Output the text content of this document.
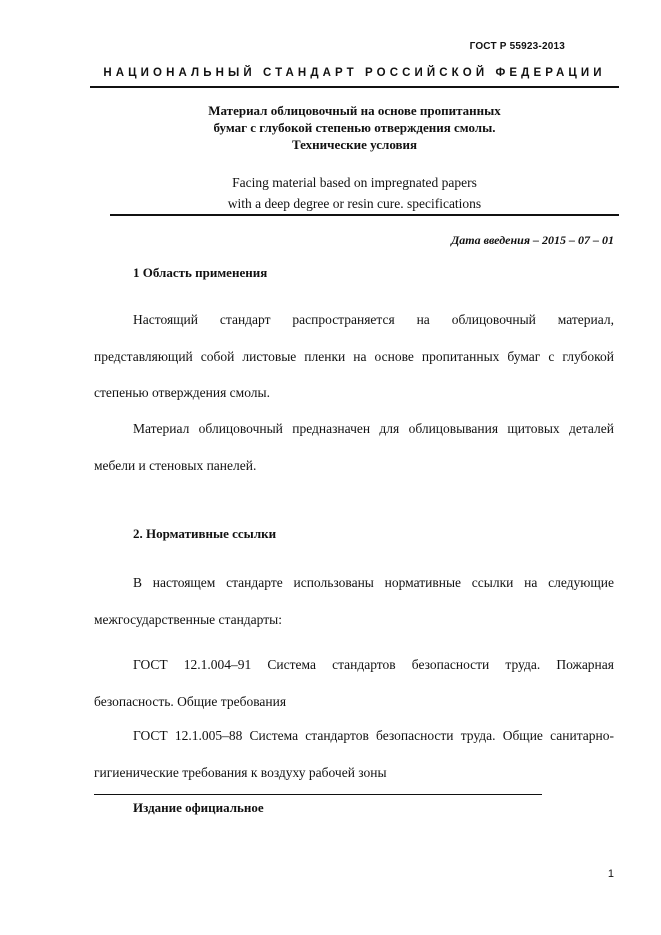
ГОСТ Р 55923-2013
НАЦИОНАЛЬНЫЙ СТАНДАРТ РОССИЙСКОЙ ФЕДЕРАЦИИ
Материал облицовочный на основе пропитанных
бумаг с глубокой степенью отверждения смолы.
Технические условия
Facing material based on impregnated papers
with a deep degree or resin cure. specifications
Дата введения – 2015 – 07 – 01
1 Область применения
Настоящий стандарт распространяется на облицовочный материал, представляющий собой листовые пленки на основе пропитанных бумаг с глубокой степенью отверждения смолы.
Материал облицовочный предназначен для облицовывания щитовых деталей мебели и стеновых панелей.
2. Нормативные ссылки
В настоящем стандарте использованы нормативные ссылки на следующие межгосударственные стандарты:
ГОСТ 12.1.004–91 Система стандартов безопасности труда. Пожарная безопасность. Общие требования
ГОСТ 12.1.005–88 Система стандартов безопасности труда. Общие санитарно-гигиенические требования к воздуху рабочей зоны
Издание официальное
1
